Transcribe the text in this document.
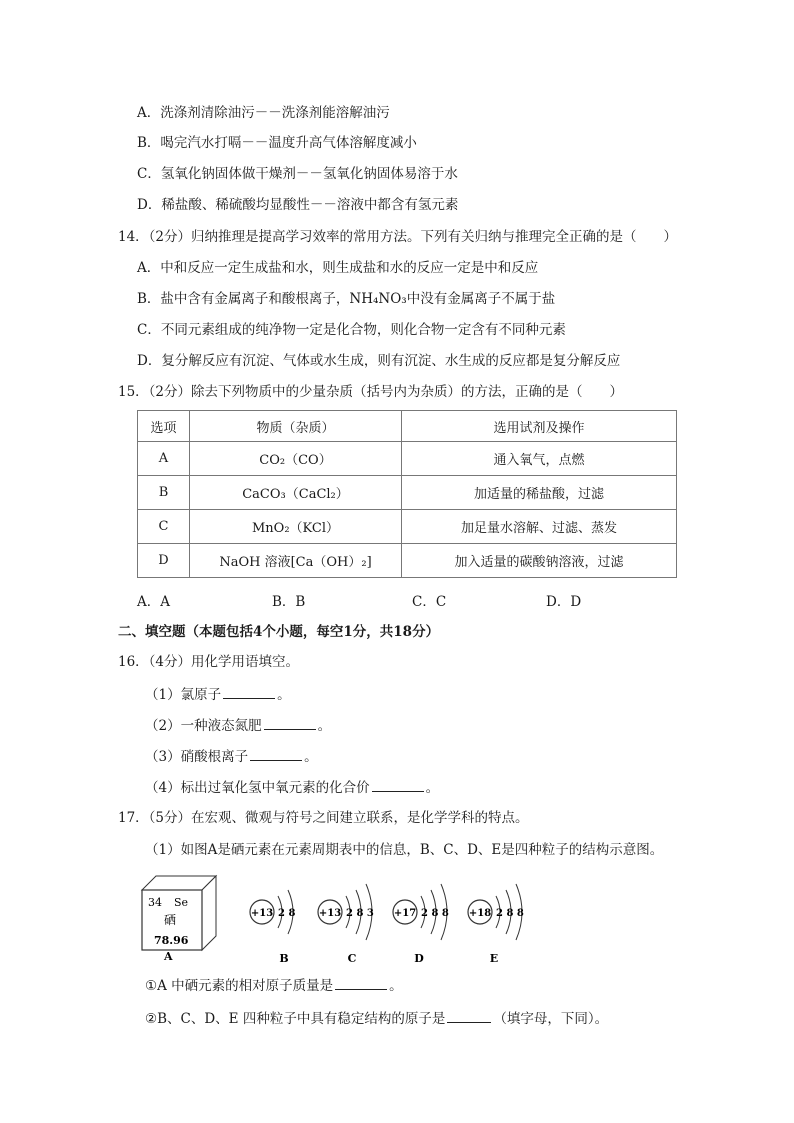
A．洗涤剂清除油污－－洗涤剂能溶解油污
B．喝完汽水打嗝－－温度升高气体溶解度减小
C．氢氧化钠固体做干燥剂－－氢氧化钠固体易溶于水
D．稀盐酸、稀硫酸均显酸性－－溶液中都含有氢元素
14．（2分）归纳推理是提高学习效率的常用方法。下列有关归纳与推理完全正确的是（　　）
A．中和反应一定生成盐和水，则生成盐和水的反应一定是中和反应
B．盐中含有金属离子和酸根离子，NH₄NO₃中没有金属离子不属于盐
C．不同元素组成的纯净物一定是化合物，则化合物一定含有不同种元素
D．复分解反应有沉淀、气体或水生成，则有沉淀、水生成的反应都是复分解反应
15．（2分）除去下列物质中的少量杂质（括号内为杂质）的方法，正确的是（　　）
选项	物质（杂质）	选用试剂及操作
A	CO₂（CO）	通入氧气，点燃
B	CaCO₃（CaCl₂）	加适量的稀盐酸，过滤
C	MnO₂（KCl）	加足量水溶解、过滤、蒸发
D	NaOH 溶液[Ca（OH）₂]	加入适量的碳酸钠溶液，过滤
A．A	B．B	C．C	D．D
二、填空题（本题包括4个小题，每空1分，共18分）
16．（4分）用化学用语填空。
（1）氯原子	。
（2）一种液态氮肥	。
（3）硝酸根离子	。
（4）标出过氧化氢中氧元素的化合价	。
17．（5分）在宏观、微观与符号之间建立联系，是化学学科的特点。
（1）如图A是硒元素在元素周期表中的信息，B、C、D、E是四种粒子的结构示意图。
34 Se
硒
78.96
A
+13 2 8
B
+13 2 8 3
C
+17 2 8 8
D
+18 2 8 8
E
①A 中硒元素的相对原子质量是	。
②B、C、D、E 四种粒子中具有稳定结构的原子是	（填字母，下同）。
